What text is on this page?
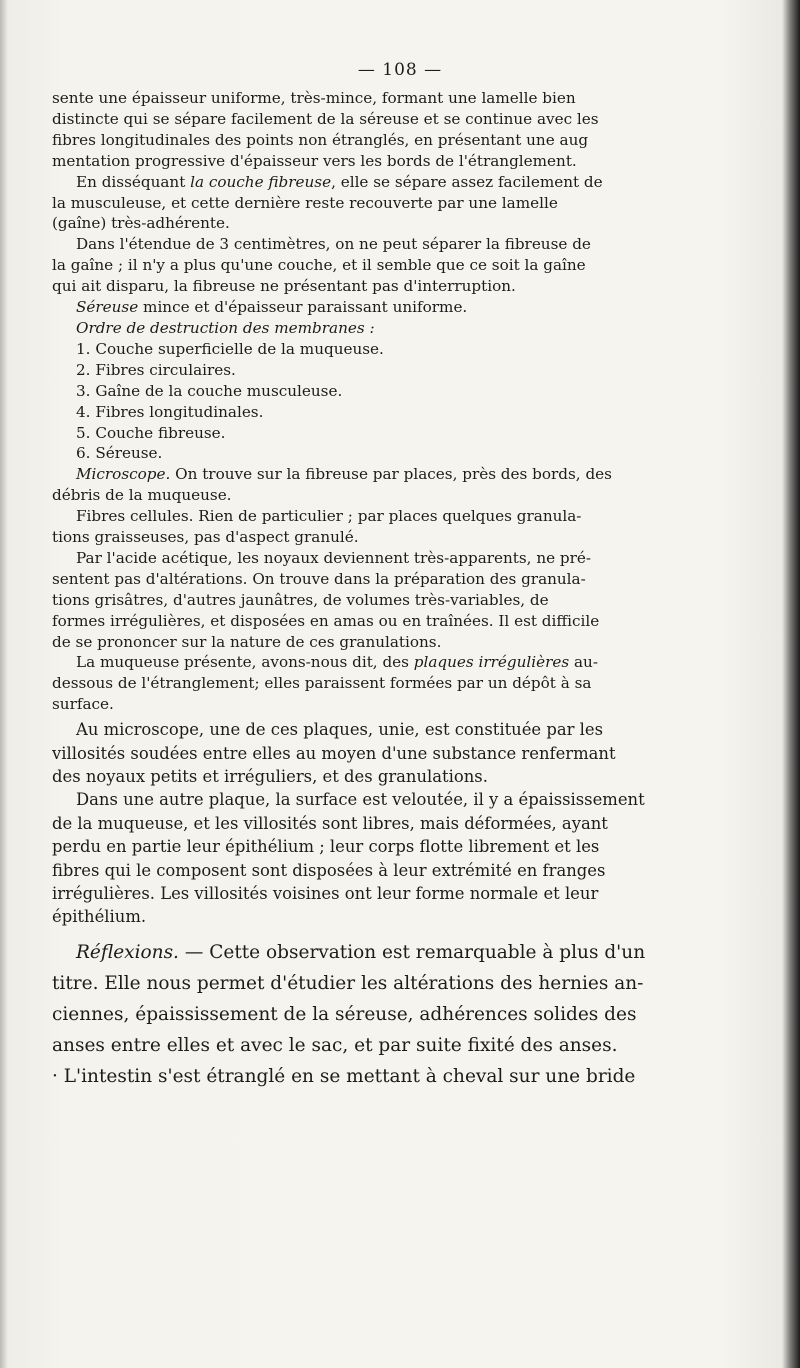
— 108 —

sente une épaisseur uniforme, très-mince, formant une lamelle bien
distincte qui se sépare facilement de la séreuse et se continue avec les
fibres longitudinales des points non étranglés, en présentant une aug
mentation progressive d'épaisseur vers les bords de l'étranglement.

En disséquant la couche fibreuse, elle se sépare assez facilement de
la musculeuse, et cette dernière reste recouverte par une lamelle
(gaîne) très-adhérente.

Dans l'étendue de 3 centimètres, on ne peut séparer la fibreuse de
la gaîne ; il n'y a plus qu'une couche, et il semble que ce soit la gaîne
qui ait disparu, la fibreuse ne présentant pas d'interruption.

Séreuse mince et d'épaisseur paraissant uniforme.

Ordre de destruction des membranes :

1. Couche superficielle de la muqueuse.
2. Fibres circulaires.
3. Gaîne de la couche musculeuse.
4. Fibres longitudinales.
5. Couche fibreuse.
6. Séreuse.

Microscope. On trouve sur la fibreuse par places, près des bords, des
débris de la muqueuse.

Fibres cellules. Rien de particulier ; par places quelques granula-
tions graisseuses, pas d'aspect granulé.

Par l'acide acétique, les noyaux deviennent très-apparents, ne pré-
sentent pas d'altérations. On trouve dans la préparation des granula-
tions grisâtres, d'autres jaunâtres, de volumes très-variables, de
formes irrégulières, et disposées en amas ou en traînées. Il est difficile
de se prononcer sur la nature de ces granulations.

La muqueuse présente, avons-nous dit, des plaques irrégulières au-
dessous de l'étranglement; elles paraissent formées par un dépôt à sa
surface.

Au microscope, une de ces plaques, unie, est constituée par les
villosités soudées entre elles au moyen d'une substance renfermant
des noyaux petits et irréguliers, et des granulations.

Dans une autre plaque, la surface est veloutée, il y a épaississement
de la muqueuse, et les villosités sont libres, mais déformées, ayant
perdu en partie leur épithélium ; leur corps flotte librement et les
fibres qui le composent sont disposées à leur extrémité en franges
irrégulières. Les villosités voisines ont leur forme normale et leur
épithélium.

Réflexions. — Cette observation est remarquable à plus d'un
titre. Elle nous permet d'étudier les altérations des hernies an-
ciennes, épaississement de la séreuse, adhérences solides des
anses entre elles et avec le sac, et par suite fixité des anses.

· L'intestin s'est étranglé en se mettant à cheval sur une bride
